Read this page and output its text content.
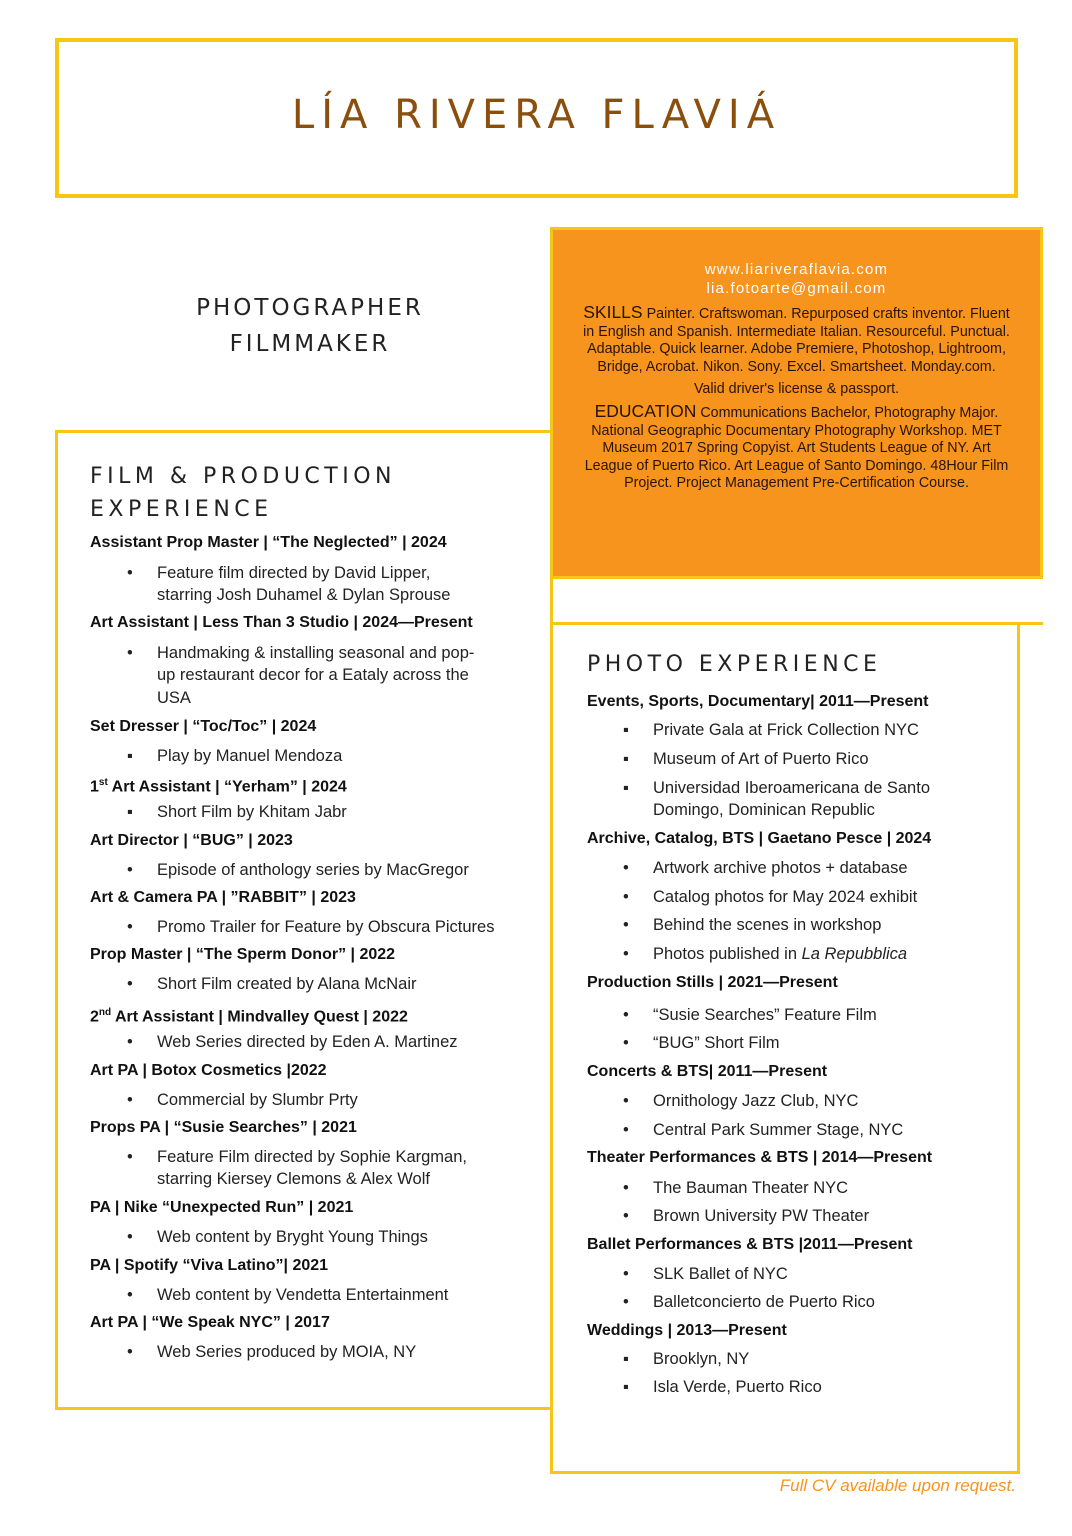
LÍA RIVERA FLAVIÁ
PHOTOGRAPHER
FILMMAKER

www.liariveraflavia.com

lia.fotoarte@gmail.com

SKILLS Painter. Craftswoman. Repurposed crafts inventor. Fluent in English and Spanish. Intermediate Italian. Resourceful. Punctual. Adaptable. Quick learner. Adobe Premiere, Photoshop, Lightroom, Bridge, Acrobat. Nikon. Sony. Excel. Smartsheet. Monday.com.

Valid driver's license & passport.

EDUCATION Communications Bachelor, Photography Major. National Geographic Documentary Photography Workshop. MET Museum 2017 Spring Copyist. Art Students League of NY. Art League of Puerto Rico. Art League of Santo Domingo. 48Hour Film Project. Project Management Pre-Certification Course.

FILM & PRODUCTION
EXPERIENCE
Assistant Prop Master | “The Neglected” | 2024
• Feature film directed by David Lipper,
starring Josh Duhamel & Dylan Sprouse
Art Assistant | Less Than 3 Studio | 2024—Present
• Handmaking & installing seasonal and pop-
up restaurant decor for a Eataly across the
USA
Set Dresser | “Toc/Toc” | 2024
▪ Play by Manuel Mendoza
1st Art Assistant | “Yerham” | 2024
▪ Short Film by Khitam Jabr
Art Director | “BUG” | 2023
• Episode of anthology series by MacGregor
Art & Camera PA | ”RABBIT” | 2023
• Promo Trailer for Feature by Obscura Pictures
Prop Master | “The Sperm Donor” | 2022
• Short Film created by Alana McNair
2nd Art Assistant | Mindvalley Quest | 2022
• Web Series directed by Eden A. Martinez
Art PA | Botox Cosmetics |2022
• Commercial by Slumbr Prty
Props PA | “Susie Searches” | 2021
• Feature Film directed by Sophie Kargman,
starring Kiersey Clemons & Alex Wolf
PA | Nike “Unexpected Run” | 2021
• Web content by Bryght Young Things
PA | Spotify “Viva Latino”| 2021
• Web content by Vendetta Entertainment
Art PA | “We Speak NYC” | 2017
• Web Series produced by MOIA, NY
PHOTO EXPERIENCE
Events, Sports, Documentary| 2011—Present
▪ Private Gala at Frick Collection NYC
▪ Museum of Art of Puerto Rico
▪ Universidad Iberoamericana de Santo
Domingo, Dominican Republic
Archive, Catalog, BTS | Gaetano Pesce | 2024
• Artwork archive photos + database
• Catalog photos for May 2024 exhibit
• Behind the scenes in workshop
• Photos published in La Repubblica
Production Stills | 2021—Present
• “Susie Searches” Feature Film
• “BUG” Short Film
Concerts & BTS| 2011—Present
• Ornithology Jazz Club, NYC
• Central Park Summer Stage, NYC
Theater Performances & BTS | 2014—Present
• The Bauman Theater NYC
• Brown University PW Theater
Ballet Performances & BTS |2011—Present
• SLK Ballet of NYC
• Balletconcierto de Puerto Rico
Weddings | 2013—Present
▪ Brooklyn, NY
▪ Isla Verde, Puerto Rico
Full CV available upon request.
